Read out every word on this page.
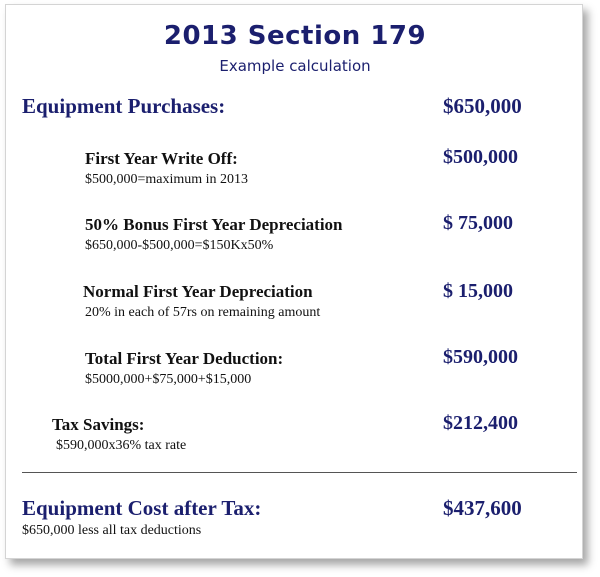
2013 Section 179
Example calculation
Equipment Purchases:	$650,000
First Year Write Off:	$500,000
$500,000=maximum in 2013
50% Bonus First Year Depreciation	$ 75,000
$650,000-$500,000=$150Kx50%
Normal First Year Depreciation	$ 15,000
20% in each of 57rs on remaining amount
Total First Year Deduction:	$590,000
$5000,000+$75,000+$15,000
Tax Savings:	$212,400
$590,000x36% tax rate
Equipment Cost after Tax:	$437,600
$650,000 less all tax deductions
